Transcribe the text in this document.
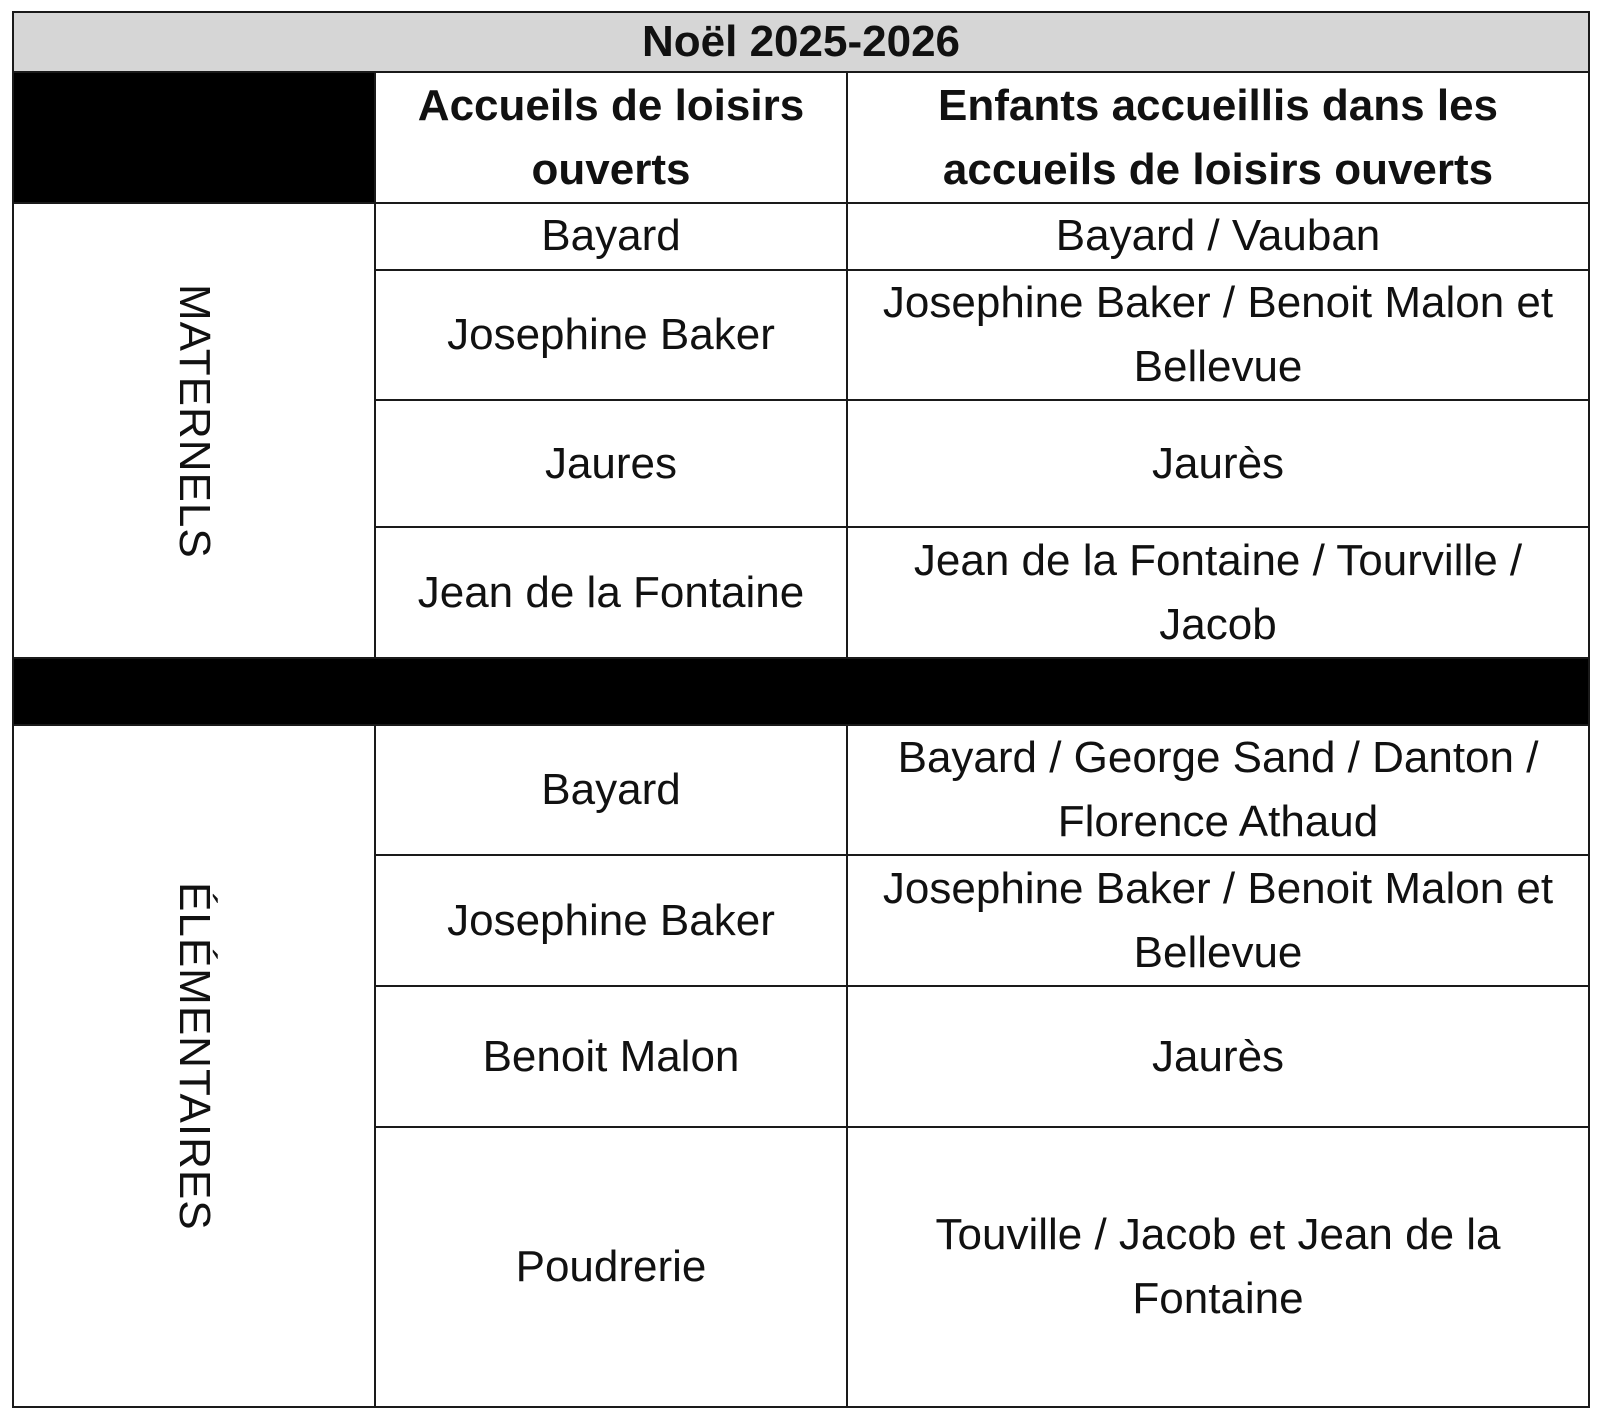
Noël 2025-2026		
	Accueils de loisirs ouverts	Enfants accueillis dans les accueils de loisirs ouverts
MATERNELS	Bayard	Bayard / Vauban
	Josephine Baker	Josephine Baker / Benoit Malon et Bellevue
	Jaures	Jaurès
	Jean de la Fontaine	Jean de la Fontaine / Tourville / Jacob

ÉLÉMENTAIRES	Bayard	Bayard / George Sand / Danton / Florence Athaud
	Josephine Baker	Josephine Baker / Benoit Malon et Bellevue
	Benoit Malon	Jaurès
	Poudrerie	Touville / Jacob et Jean de la Fontaine
